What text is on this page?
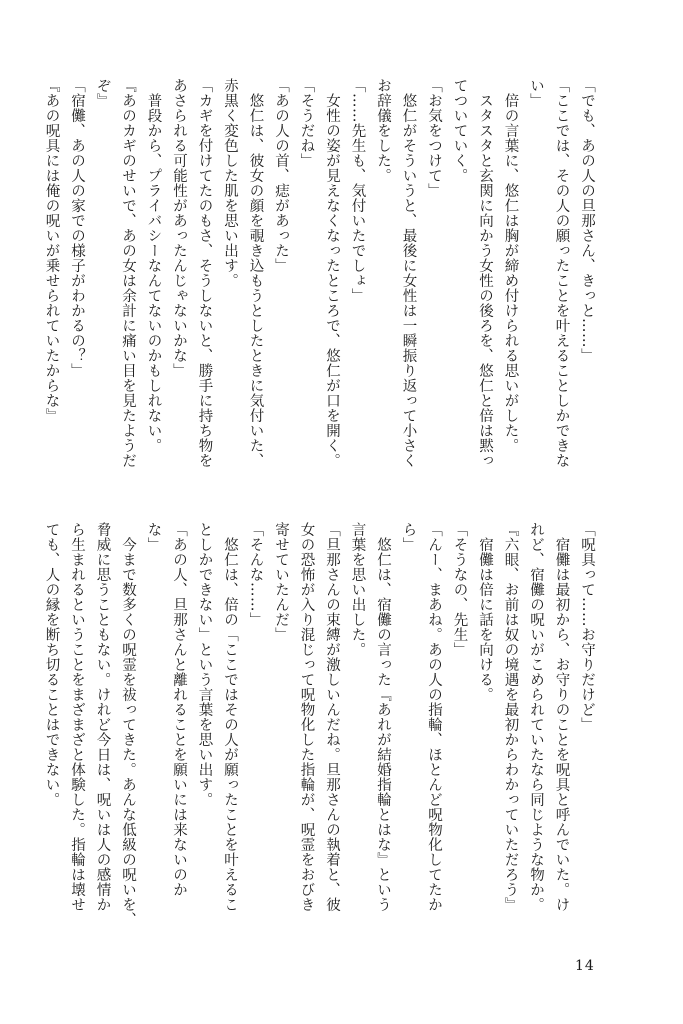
「でも、あの人の旦那さん、きっと……」

「ここでは、その人の願ったことを叶えることしかできな

い」

　倍の言葉に、悠仁は胸が締め付けられる思いがした。

　スタスタと玄関に向かう女性の後ろを、悠仁と倍は黙っ

てついていく。

「お気をつけて」

　悠仁がそういうと、最後に女性は一瞬振り返って小さく

お辞儀をした。

「……先生も、気付いたでしょ」

　女性の姿が見えなくなったところで、悠仁が口を開く。

「そうだね」

「あの人の首、痣があった」

　悠仁は、彼女の顔を覗き込もうとしたときに気付いた、

赤黒く変色した肌を思い出す。

「カギを付けてたのもさ、そうしないと、勝手に持ち物を

あさられる可能性があったんじゃないかな」

　普段から、プライバシーなんてないのかもしれない。

『あのカギのせいで、あの女は余計に痛い目を見たようだ

ぞ』

「宿儺、あの人の家での様子がわかるの？」

『あの呪具には俺の呪いが乗せられていたからな』

「呪具って……お守りだけど」

　宿儺は最初から、お守りのことを呪具と呼んでいた。け

れど、宿儺の呪いがこめられていたなら同じような物か。

『六眼、お前は奴の境遇を最初からわかっていただろう』

　宿儺は倍に話を向ける。

「そうなの、先生」

「んー、まあね。あの人の指輪、ほとんど呪物化してたか

ら」

　悠仁は、宿儺の言った『あれが結婚指輪とはな』という

言葉を思い出した。

「旦那さんの束縛が激しいんだね。旦那さんの執着と、彼

女の恐怖が入り混じって呪物化した指輪が、呪霊をおびき

寄せていたんだ」

「そんな……」

　悠仁は、倍の「ここではその人が願ったことを叶えるこ

としかできない」という言葉を思い出す。

「あの人、旦那さんと離れることを願いには来ないのか

な」

　今まで数多くの呪霊を祓ってきた。あんな低級の呪いを、

脅威に思うこともない。けれど今日は、呪いは人の感情か

ら生まれるということをまざまざと体験した。指輪は壊せ

ても、人の縁を断ち切ることはできない。

14
